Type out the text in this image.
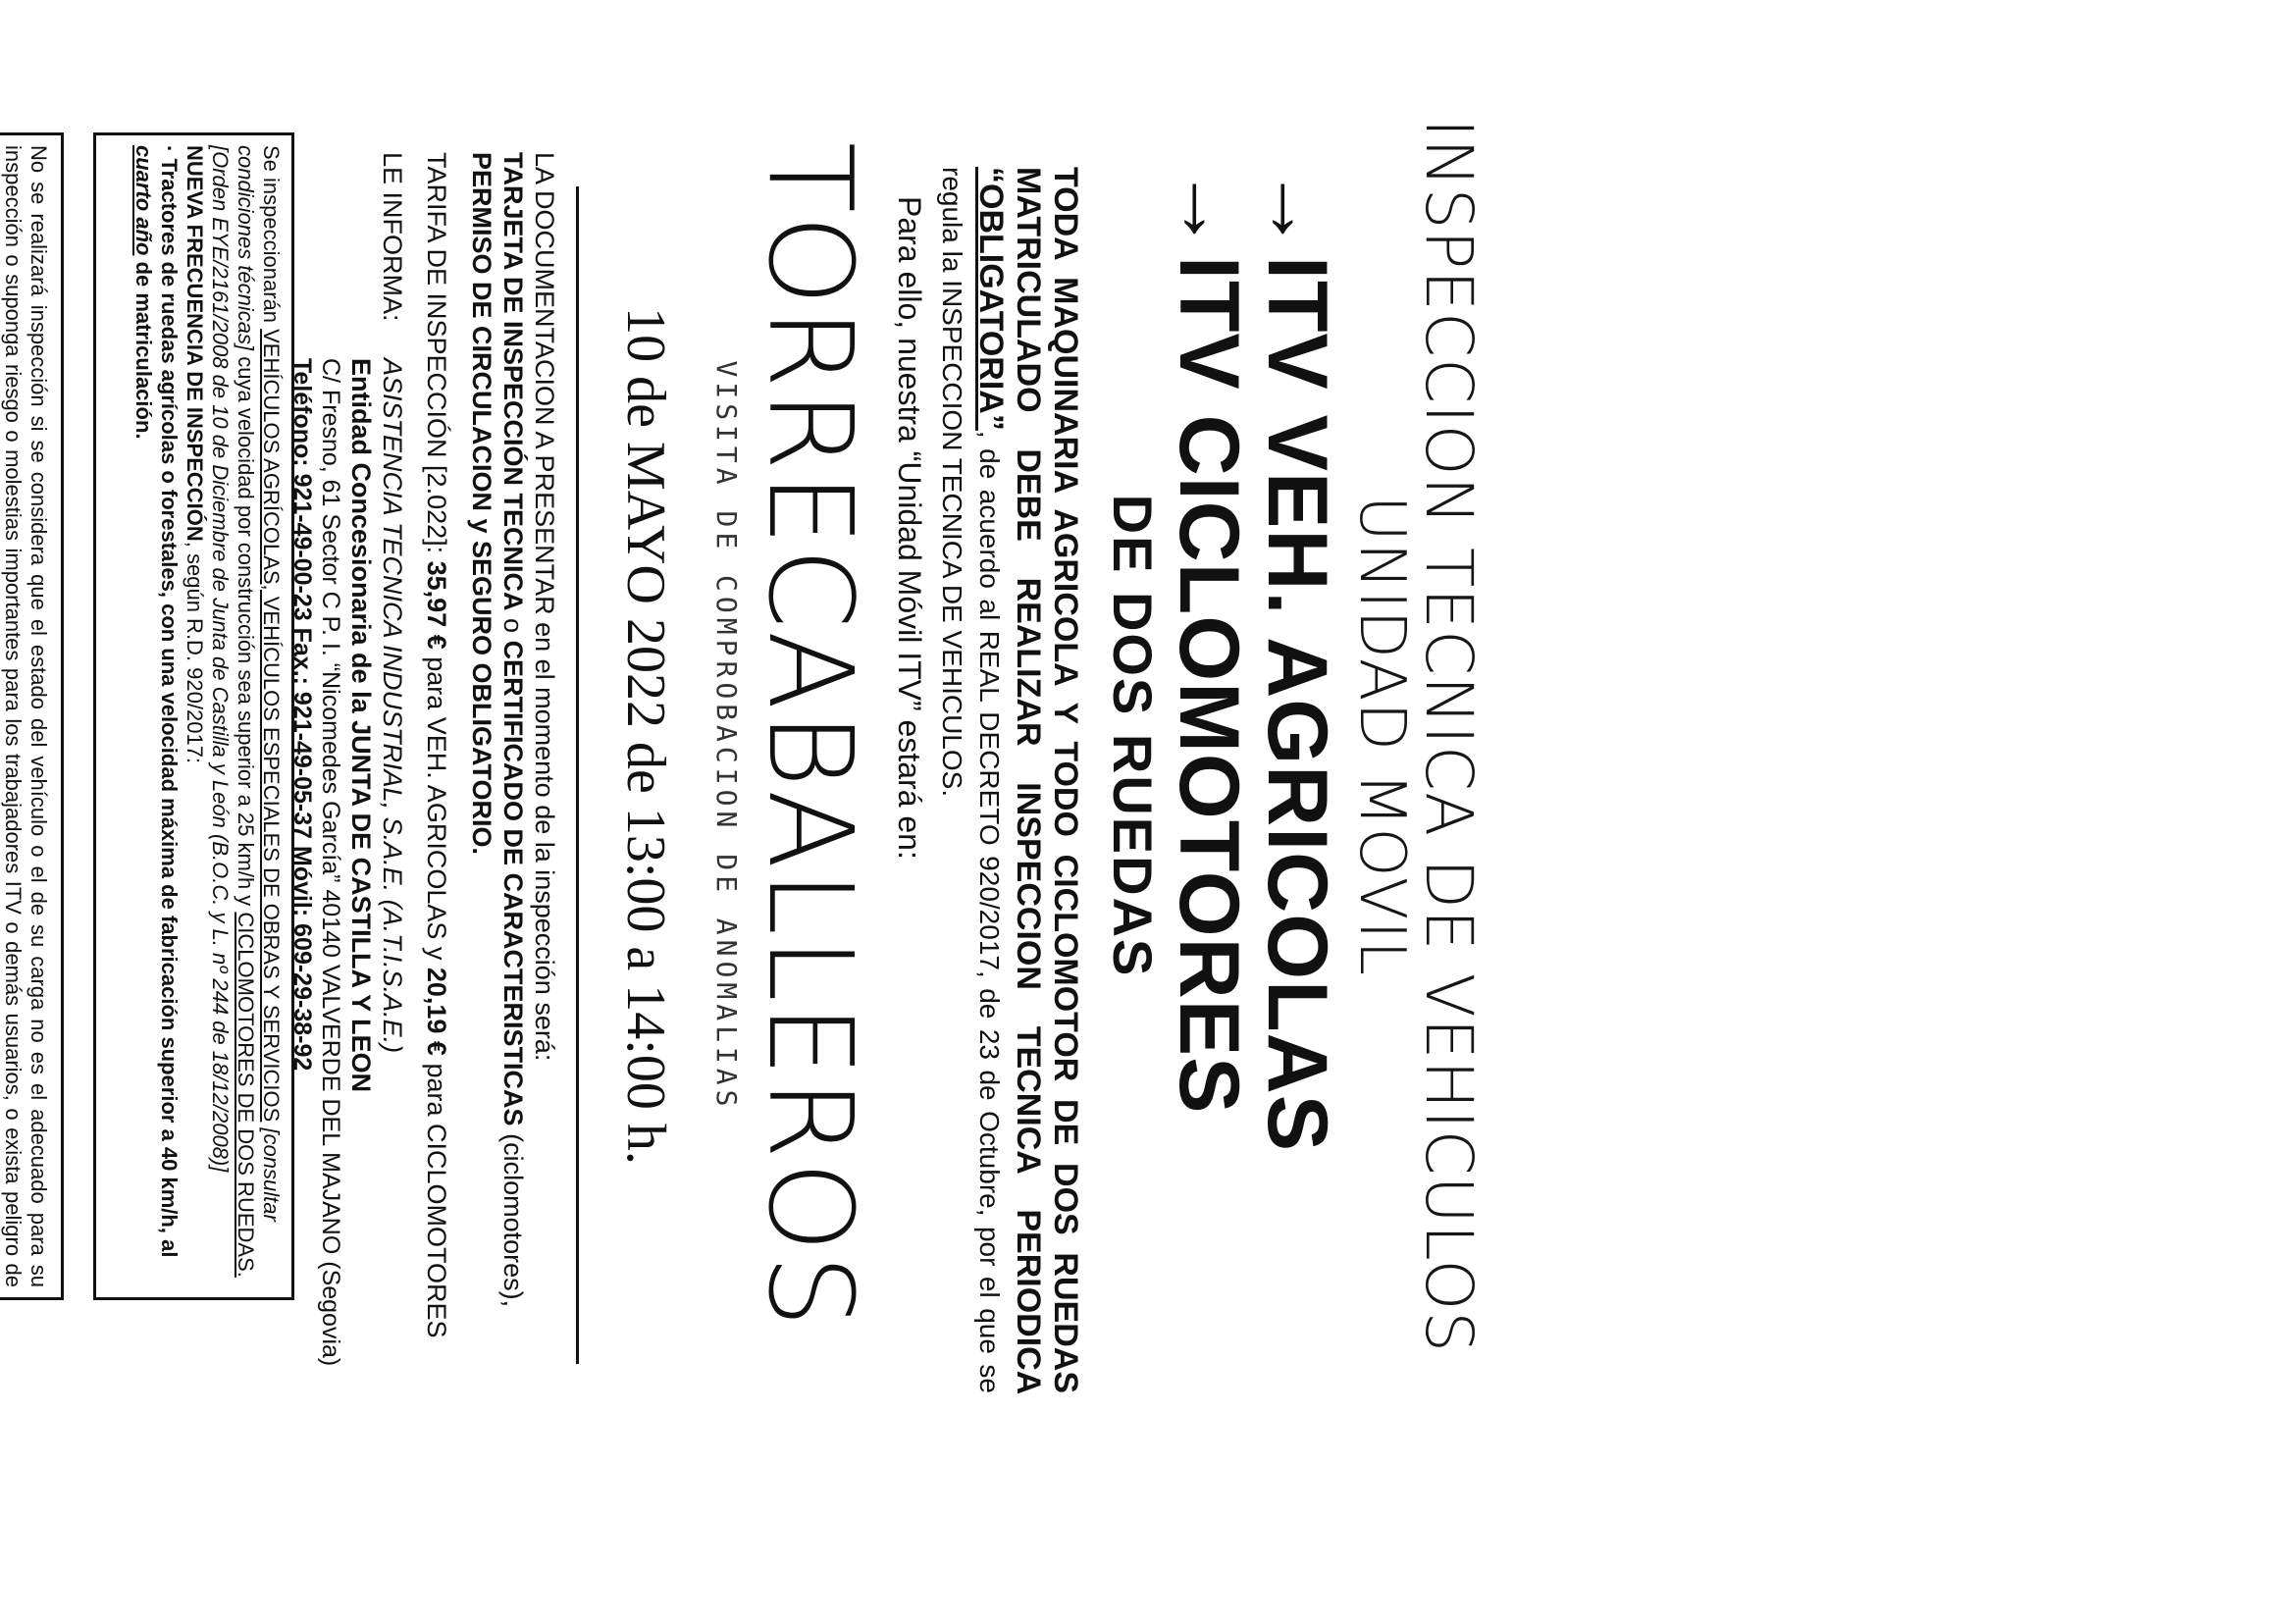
INSPECCION TECNICA DE VEHICULOS
UNIDAD MOVIL
→ITV VEH. AGRICOLAS
→ITV CICLOMOTORES
DE DOS RUEDAS
TODA MAQUINARIA AGRICOLA Y TODO CICLOMOTOR DE DOS RUEDAS MATRICULADO DEBE REALIZAR INSPECCION TECNICA PERIODICA “OBLIGATORIA”, de acuerdo al REAL DECRETO 920/2017, de 23 de Octubre, por el que se regula la INSPECCION TECNICA DE VEHICULOS.
Para ello, nuestra “Unidad Móvil ITV” estará en:
TORRECABALLEROS
VISITA DE COMPROBACION DE ANOMALIAS
10 de MAYO 2022 de 13:00 a 14:00 h.
LA DOCUMENTACION A PRESENTAR en el momento de la inspección será:
TARJETA DE INSPECCIÓN TECNICA o CERTIFICADO DE CARACTERISTICAS (ciclomotores),
PERMISO DE CIRCULACION y SEGURO OBLIGATORIO.
TARIFA DE INSPECCIÓN [2.022]: 35,97 € para VEH. AGRICOLAS y 20,19 € para CICLOMOTORES
LE INFORMA:ASISTENCIA TECNICA INDUSTRIAL, S.A.E. (A.T.I.S.A.E.)
Entidad Concesionaria de la JUNTA DE CASTILLA Y LEON
C/ Fresno, 61 Sector C P. I. “Nicomedes García” 40140 VALVERDE DEL MAJANO (Segovia)
Teléfono: 921-49-00-23 Fax.: 921-49-05-37 Móvil: 609-29-38-92
Se inspeccionarán VEHÍCULOS AGRÍCOLAS, VEHÍCULOS ESPECIALES DE OBRAS Y SERVICIOS [consultar condiciones técnicas] cuya velocidad por construcción sea superior a 25 km/h y CICLOMOTORES DE DOS RUEDAS.
[Orden EYE/2161/2008 de 10 de Diciembre de Junta de Castilla y León (B.O.C. y L. nº 244 de 18/12/2008)]
NUEVA FRECUENCIA DE INSPECCIÓN, según R.D. 920/2017:
· Tractores de ruedas agrícolas o forestales, con una velocidad máxima de fabricación superior a 40 km/h, al cuarto año de matriculación.
No se realizará inspección si se considera que el estado del vehículo o el de su carga no es el adecuado para su inspección o suponga riesgo o molestias importantes para los trabajadores ITV o demás usuarios, o exista peligro de
